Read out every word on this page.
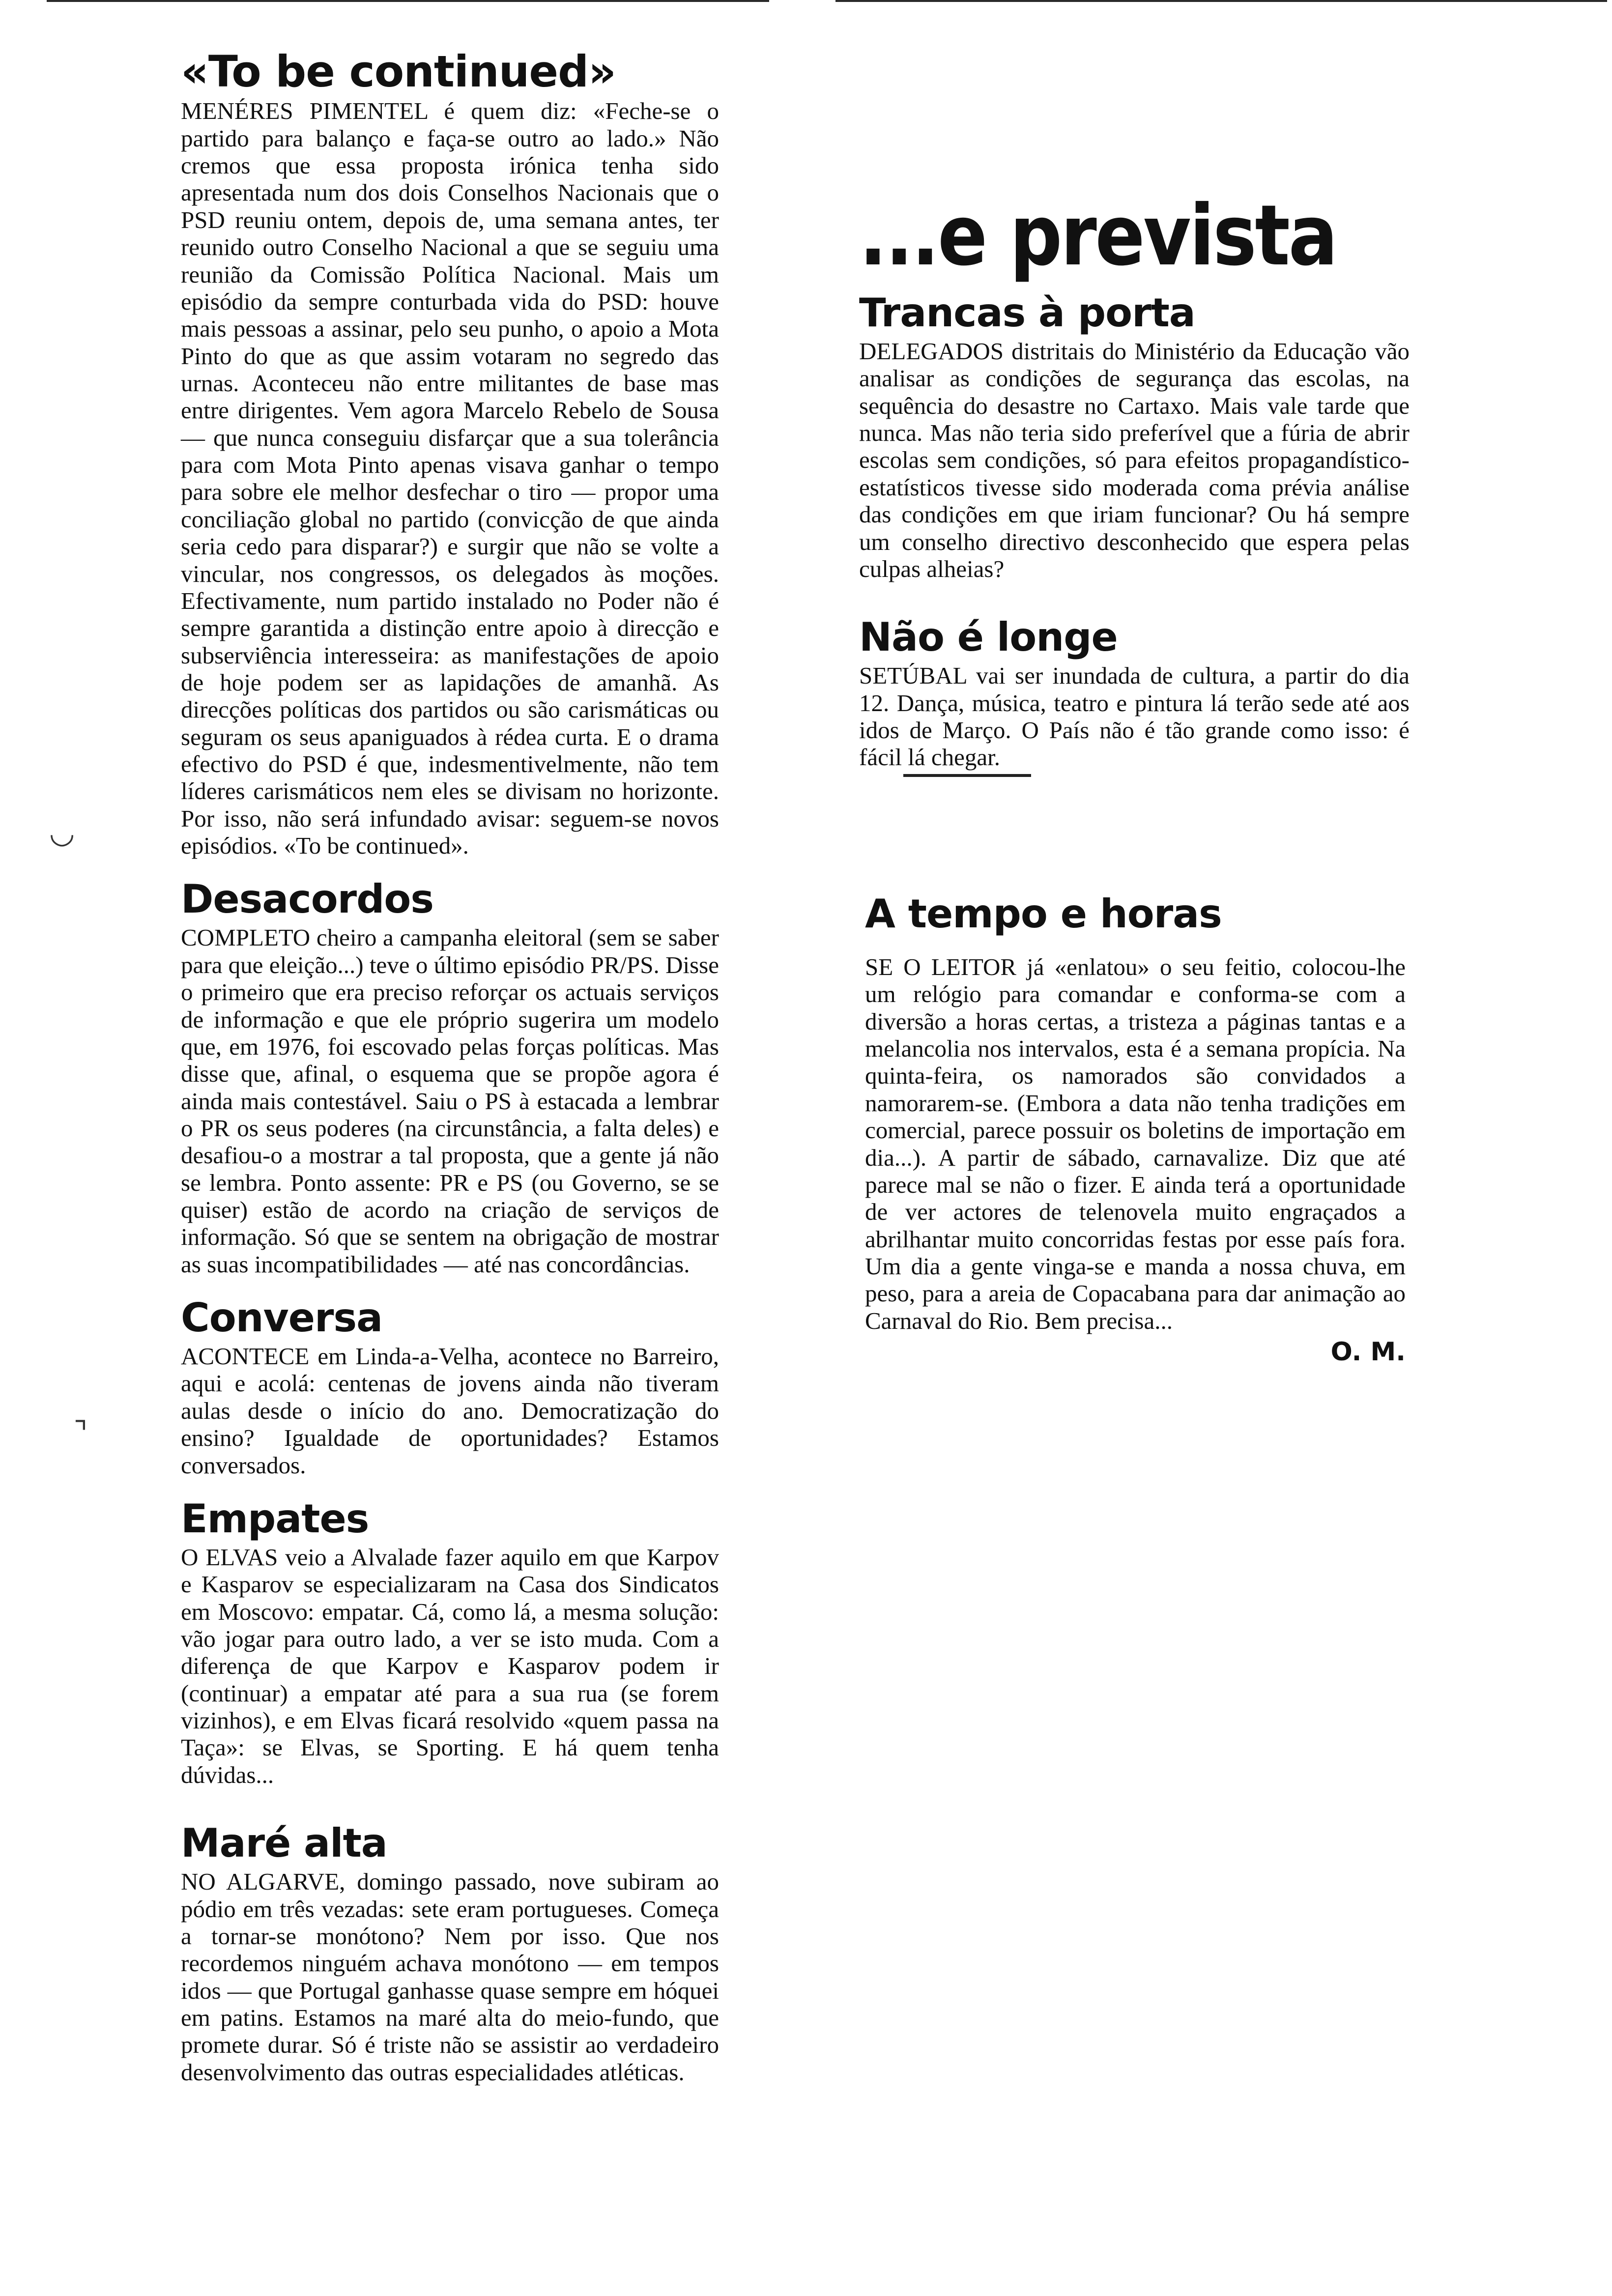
«To be continued»

MENÉRES PIMENTEL é quem diz: «Feche-se o partido para balanço e faça-se outro ao lado.» Não cremos que essa proposta irónica tenha sido apresentada num dos dois Conselhos Nacionais que o PSD reuniu ontem, depois de, uma semana antes, ter reunido outro Conselho Nacional a que se seguiu uma reunião da Comissão Política Nacional. Mais um episódio da sempre conturbada vida do PSD: houve mais pessoas a assinar, pelo seu punho, o apoio a Mota Pinto do que as que assim votaram no segredo das urnas. Aconteceu não entre militantes de base mas entre dirigentes. Vem agora Marcelo Rebelo de Sousa — que nunca conseguiu disfarçar que a sua tolerância para com Mota Pinto apenas visava ganhar o tempo para sobre ele melhor desfechar o tiro — propor uma conciliação global no partido (convicção de que ainda seria cedo para disparar?) e surgir que não se volte a vincular, nos congressos, os delegados às moções. Efectivamente, num partido instalado no Poder não é sempre garantida a distinção entre apoio à direcção e subserviência interesseira: as manifestações de apoio de hoje podem ser as lapidações de amanhã. As direcções políticas dos partidos ou são carismáticas ou seguram os seus apaniguados à rédea curta. E o drama efectivo do PSD é que, indesmentivelmente, não tem líderes carismáticos nem eles se divisam no horizonte. Por isso, não será infundado avisar: seguem-se novos episódios. «To be continued».

Desacordos

COMPLETO cheiro a campanha eleitoral (sem se saber para que eleição...) teve o último episódio PR/PS. Disse o primeiro que era preciso reforçar os actuais serviços de informação e que ele próprio sugerira um modelo que, em 1976, foi escovado pelas forças políticas. Mas disse que, afinal, o esquema que se propõe agora é ainda mais contestável. Saiu o PS à estacada a lembrar o PR os seus poderes (na circunstância, a falta deles) e desafiou-o a mostrar a tal proposta, que a gente já não se lembra. Ponto assente: PR e PS (ou Governo, se se quiser) estão de acordo na criação de serviços de informação. Só que se sentem na obrigação de mostrar as suas incompatibilidades — até nas concordâncias.

Conversa

ACONTECE em Linda-a-Velha, acontece no Barreiro, aqui e acolá: centenas de jovens ainda não tiveram aulas desde o início do ano. Democratização do ensino? Igualdade de oportunidades? Estamos conversados.

Empates

O ELVAS veio a Alvalade fazer aquilo em que Karpov e Kasparov se especializaram na Casa dos Sindicatos em Moscovo: empatar. Cá, como lá, a mesma solução: vão jogar para outro lado, a ver se isto muda. Com a diferença de que Karpov e Kasparov podem ir (continuar) a empatar até para a sua rua (se forem vizinhos), e em Elvas ficará resolvido «quem passa na Taça»: se Elvas, se Sporting. E há quem tenha dúvidas...

Maré alta

NO ALGARVE, domingo passado, nove subiram ao pódio em três vezadas: sete eram portugueses. Começa a tornar-se monótono? Nem por isso. Que nos recordemos ninguém achava monótono — em tempos idos — que Portugal ganhasse quase sempre em hóquei em patins. Estamos na maré alta do meio-fundo, que promete durar. Só é triste não se assistir ao verdadeiro desenvolvimento das outras especialidades atléticas.

...e prevista
Trancas à porta

DELEGADOS distritais do Ministério da Educação vão analisar as condições de segurança das escolas, na sequência do desastre no Cartaxo. Mais vale tarde que nunca. Mas não teria sido preferível que a fúria de abrir escolas sem condições, só para efeitos propagandístico-estatísticos tivesse sido moderada coma prévia análise das condições em que iriam funcionar? Ou há sempre um conselho directivo desconhecido que espera pelas culpas alheias?

Não é longe

SETÚBAL vai ser inundada de cultura, a partir do dia 12. Dança, música, teatro e pintura lá terão sede até aos idos de Março. O País não é tão grande como isso: é fácil lá chegar.

A tempo e horas

SE O LEITOR já «enlatou» o seu feitio, colocou-lhe um relógio para comandar e conforma-se com a diversão a horas certas, a tristeza a páginas tantas e a melancolia nos intervalos, esta é a semana propícia. Na quinta-feira, os namorados são convidados a namorarem-se. (Embora a data não tenha tradições em comercial, parece possuir os boletins de importação em dia...). A partir de sábado, carnavalize. Diz que até parece mal se não o fizer. E ainda terá a oportunidade de ver actores de telenovela muito engraçados a abrilhantar muito concorridas festas por esse país fora. Um dia a gente vinga-se e manda a nossa chuva, em peso, para a areia de Copacabana para dar animação ao Carnaval do Rio. Bem precisa...

O. M.
◡
⌝
